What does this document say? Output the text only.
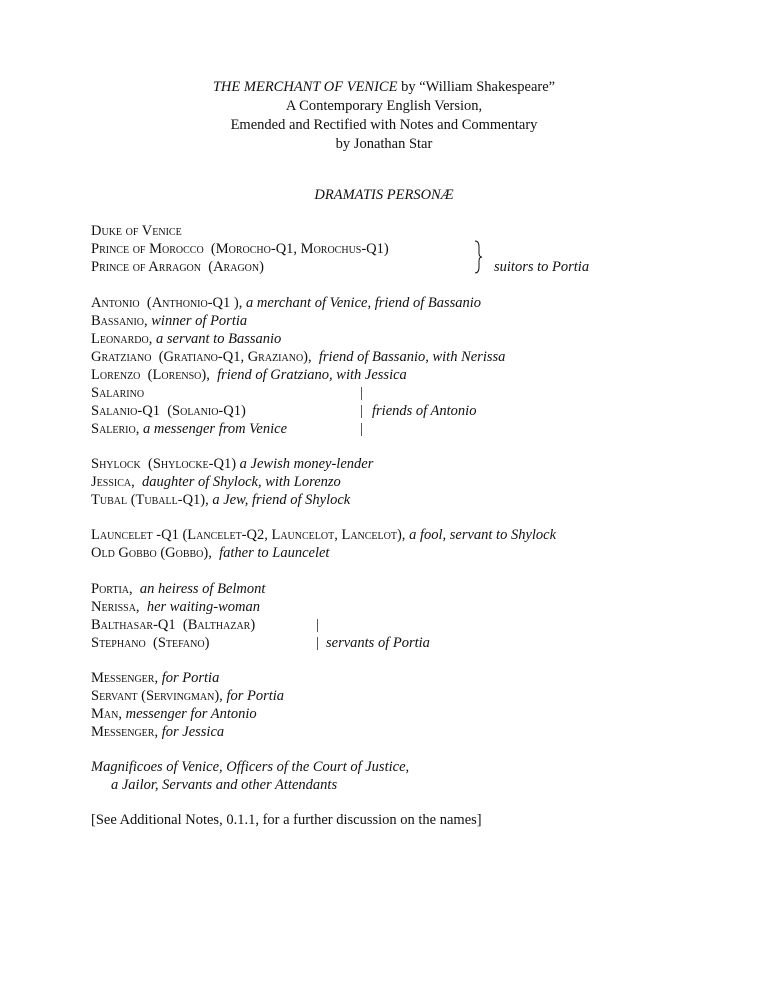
THE MERCHANT OF VENICE by “William Shakespeare”
A Contemporary English Version,
Emended and Rectified with Notes and Commentary
by Jonathan Star
DRAMATIS PERSONÆ
Duke of Venice
Prince of Morocco (Morocho-Q1, Morochus-Q1)
Prince of Arragon (Aragon)	suitors to Portia
Antonio (Anthonio-Q1 ), a merchant of Venice, friend of Bassanio
Bassanio, winner of Portia
Leonardo, a servant to Bassanio
Gratziano (Gratiano-Q1, Graziano), friend of Bassanio, with Nerissa
Lorenzo (Lorenso), friend of Gratziano, with Jessica
Salarino
Salanio-Q1 (Solanio-Q1)
Salerio, a messenger from Venice
|
|
|
friends of Antonio
Shylock (Shylocke-Q1) a Jewish money-lender
Jessica, daughter of Shylock, with Lorenzo
Tubal (Tuball-Q1), a Jew, friend of Shylock
Launcelet -Q1 (Lancelet-Q2, Launcelot, Lancelot), a fool, servant to Shylock
Old Gobbo (Gobbo), father to Launcelet
Portia, an heiress of Belmont
Nerissa, her waiting-woman
Balthasar-Q1 (Balthazar)
Stephano (Stefano)
|
| servants of Portia
Messenger, for Portia
Servant (Servingman), for Portia
Man, messenger for Antonio
Messenger, for Jessica
Magnificoes of Venice, Officers of the Court of Justice,
a Jailor, Servants and other Attendants
[See Additional Notes, 0.1.1, for a further discussion on the names]
